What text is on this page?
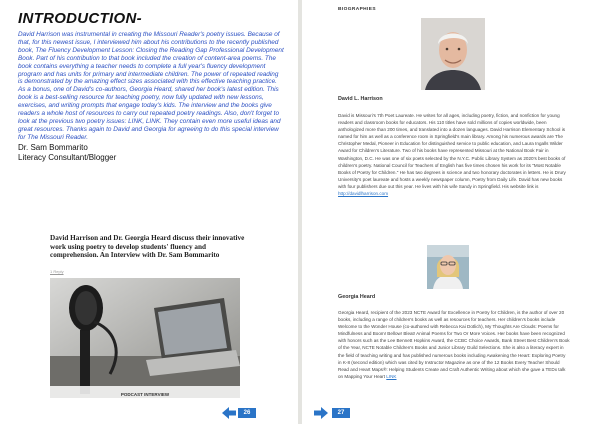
INTRODUCTION-

David Harrison was instrumental in creating the Missouri Reader's poetry issues. Because of that, for this newest issue, I interviewed him about his contributions to the recently published book, The Fluency Development Lesson: Closing the Reading Gap Professional Development Book. Part of his contribution to that book included the creation of content-area poems. The book contains everything a teacher needs to complete a full year's fluency development program and has units for primary and intermediate children. The power of repeated reading is demonstrated by the amazing effect sizes associated with this effective teaching practice. As a bonus, one of David's co-authors, Georgia Heard, shared her book's latest edition. This book is a best-selling resource for teaching poetry, now fully updated with new lessons, exercises, and writing prompts that engage today's kids. The interview and the books give readers a whole host of resources to carry out repeated poetry readings. Also, don't forget to look at the previous two poetry issues: LINK, LINK. They contain even more useful ideas and great resources. Thanks again to David and Georgia for agreeing to do this special interview for The Missouri Reader.

Dr. Sam Bommarito
Literacy Consultant/Blogger

David Harrison and Dr. Georgia Heard discuss their innovative work using poetry to develop students' fluency and comprehension. An Interview with Dr. Sam Bommarito

1 Reply
PODCAST INTERVIEW
26
BIOGRAPHIES
David L. Harrison

David is Missouri's 7th Poet Laureate. He writes for all ages, including poetry, fiction, and nonfiction for young readers and classroom books for educators. His 110 titles have sold millions of copies worldwide, been anthologized more than 200 times, and translated into a dozen languages. David Harrison Elementary School is named for him as well as a conference room in Springfield's main library. Among his numerous awards are The Christopher Medal, Pioneer in Education for distinguished service to public education, and Laura Ingalls Wilder Award for Children's Literature. Two of his books have represented Missouri at the National Book Fair in Washington, D.C. He was one of six poets selected by the N.Y.C. Public Library System as 2020's best books of children's poetry. National Council for Teachers of English has five times chosen his work for its "Most Notable Books of Poetry for Children." He has two degrees in science and two honorary doctorates in letters. He is Drury University's poet laureate and hosts a weekly newspaper column, Poetry from Daily Life. David has new books with four publishers due out this year. He lives with his wife Sandy in Springfield. His website link is http://davidlharrison.com

Georgia Heard

Georgia Heard, recipient of the 2023 NCTE Award for Excellence in Poetry for Children, is the author of over 20 books, including a range of children's books as well as resources for teachers. Her children's books include Welcome to the Wonder House (co-authored with Rebecca Kai Dotlich), My Thoughts Are Clouds: Poems for Mindfulness and Boom! Bellow! Bleat! Animal Poems for Two Or More Voices. Her books have been recognized with honors such as the Lee Bennett Hopkins Award, the CCBC Choice Awards, Bank Street Best Children's Book of the Year, NCTE Notable Children's Books and Junior Library Guild Selections. She is also a literacy expert in the field of teaching writing and has published numerous books including Awakening the Heart: Exploring Poetry in K-8 (second edition) which was cited by Instructor Magazine as one of the 12 Books Every Teacher Should Read and Heart Maps®: Helping Students Create and Craft Authentic Writing about which she gave a TEDx talk on Mapping Your Heart LINK

27
